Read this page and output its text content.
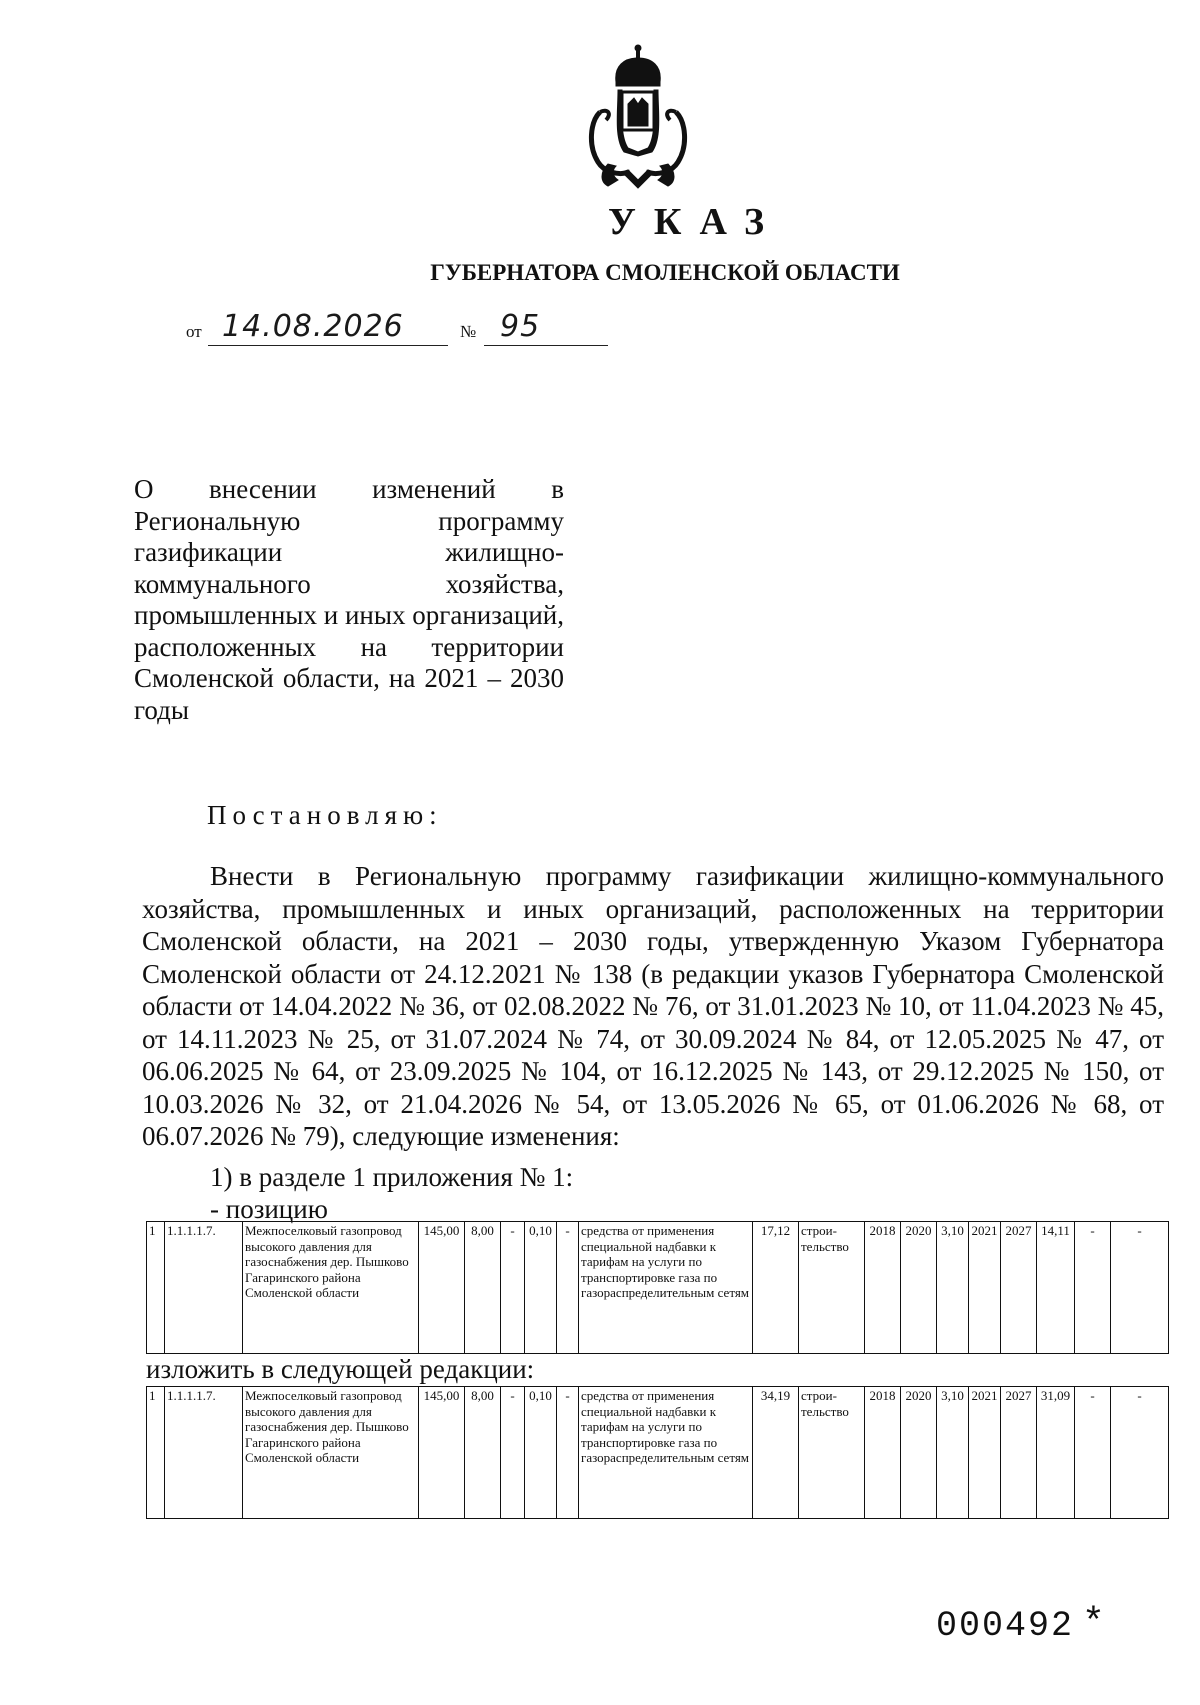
УКАЗ
ГУБЕРНАТОРА СМОЛЕНСКОЙ ОБЛАСТИ
от 14.08.2026	№ 95
О внесении изменений в Региональную программу газификации жилищно-коммунального хозяйства, промышленных и иных организаций, расположенных на территории Смоленской области, на 2021 – 2030 годы
Постановляю:
Внести в Региональную программу газификации жилищно-коммунального хозяйства, промышленных и иных организаций, расположенных на территории Смоленской области, на 2021 – 2030 годы, утвержденную Указом Губернатора Смоленской области от 24.12.2021 № 138 (в редакции указов Губернатора Смоленской области от 14.04.2022 № 36, от 02.08.2022 № 76, от 31.01.2023 № 10, от 11.04.2023 № 45, от 14.11.2023 № 25, от 31.07.2024 № 74, от 30.09.2024 № 84, от 12.05.2025 № 47, от 06.06.2025 № 64, от 23.09.2025 № 104, от 16.12.2025 № 143, от 29.12.2025 № 150, от 10.03.2026 № 32, от 21.04.2026 № 54, от 13.05.2026 № 65, от 01.06.2026 № 68, от 06.07.2026 № 79), следующие изменения:
1) в разделе 1 приложения № 1:
- позицию
1	1.1.1.1.7.	Межпоселковый газопровод высокого давления для газоснабжения дер. Пышково Гагаринского района Смоленской области	145,00	8,00	-	0,10	-	средства от применения специальной надбавки к тарифам на услуги по транспортировке газа по газораспределительным сетям	17,12	строи-тельство	2018	2020	3,10	2021	2027	14,11	-	-
изложить в следующей редакции:
1	1.1.1.1.7.	Межпоселковый газопровод высокого давления для газоснабжения дер. Пышково Гагаринского района Смоленской области	145,00	8,00	-	0,10	-	средства от применения специальной надбавки к тарифам на услуги по транспортировке газа по газораспределительным сетям	34,19	строи-тельство	2018	2020	3,10	2021	2027	31,09	-	-
000492 *
